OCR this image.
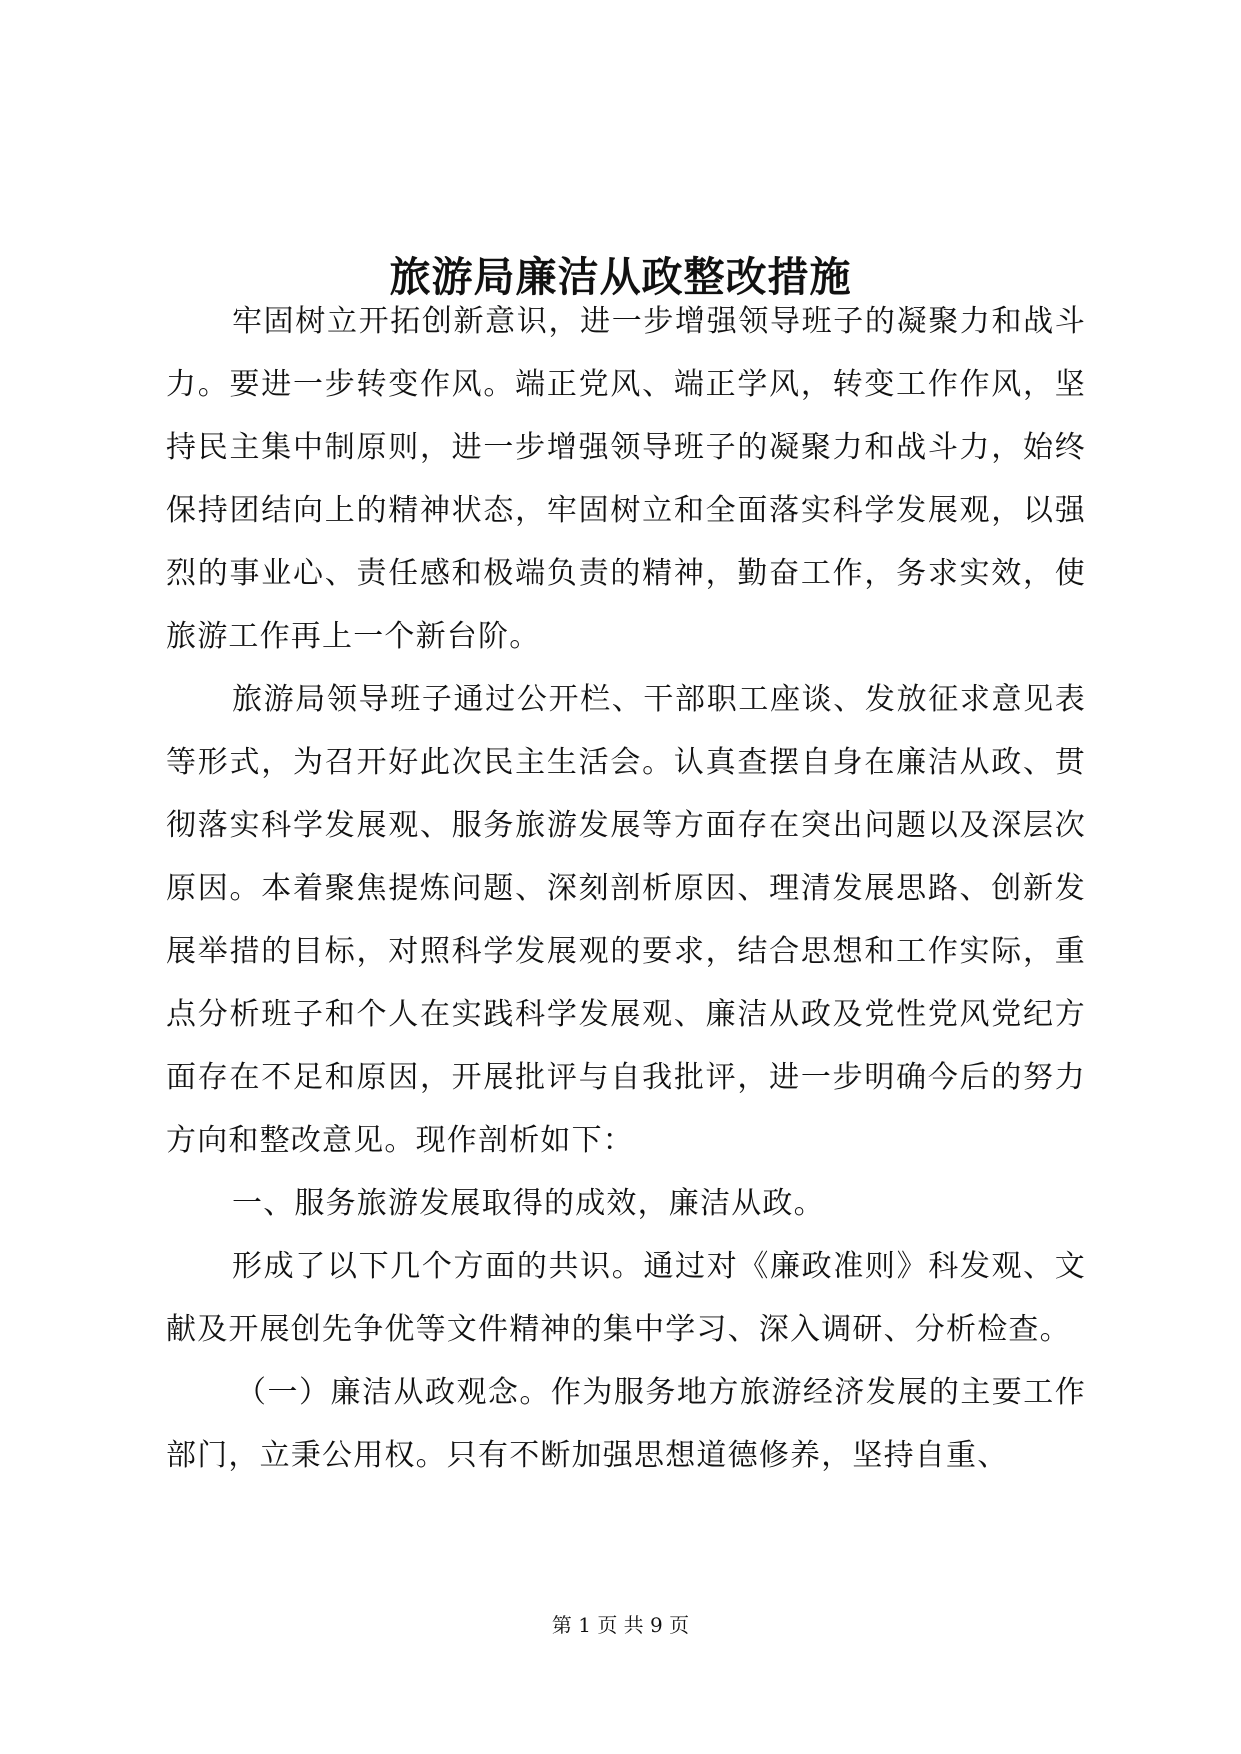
旅游局廉洁从政整改措施

牢固树立开拓创新意识，进一步增强领导班子的凝聚力和战斗力。要进一步转变作风。端正党风、端正学风，转变工作作风，坚持民主集中制原则，进一步增强领导班子的凝聚力和战斗力，始终保持团结向上的精神状态，牢固树立和全面落实科学发展观，以强烈的事业心、责任感和极端负责的精神，勤奋工作，务求实效，使旅游工作再上一个新台阶。

旅游局领导班子通过公开栏、干部职工座谈、发放征求意见表等形式，为召开好此次民主生活会。认真查摆自身在廉洁从政、贯彻落实科学发展观、服务旅游发展等方面存在突出问题以及深层次原因。本着聚焦提炼问题、深刻剖析原因、理清发展思路、创新发展举措的目标，对照科学发展观的要求，结合思想和工作实际，重点分析班子和个人在实践科学发展观、廉洁从政及党性党风党纪方面存在不足和原因，开展批评与自我批评，进一步明确今后的努力方向和整改意见。现作剖析如下：

一、服务旅游发展取得的成效，廉洁从政。

形成了以下几个方面的共识。通过对《廉政准则》科发观、文献及开展创先争优等文件精神的集中学习、深入调研、分析检查。

（一）廉洁从政观念。作为服务地方旅游经济发展的主要工作部门，立秉公用权。只有不断加强思想道德修养，坚持自重、

第 1 页 共 9 页
